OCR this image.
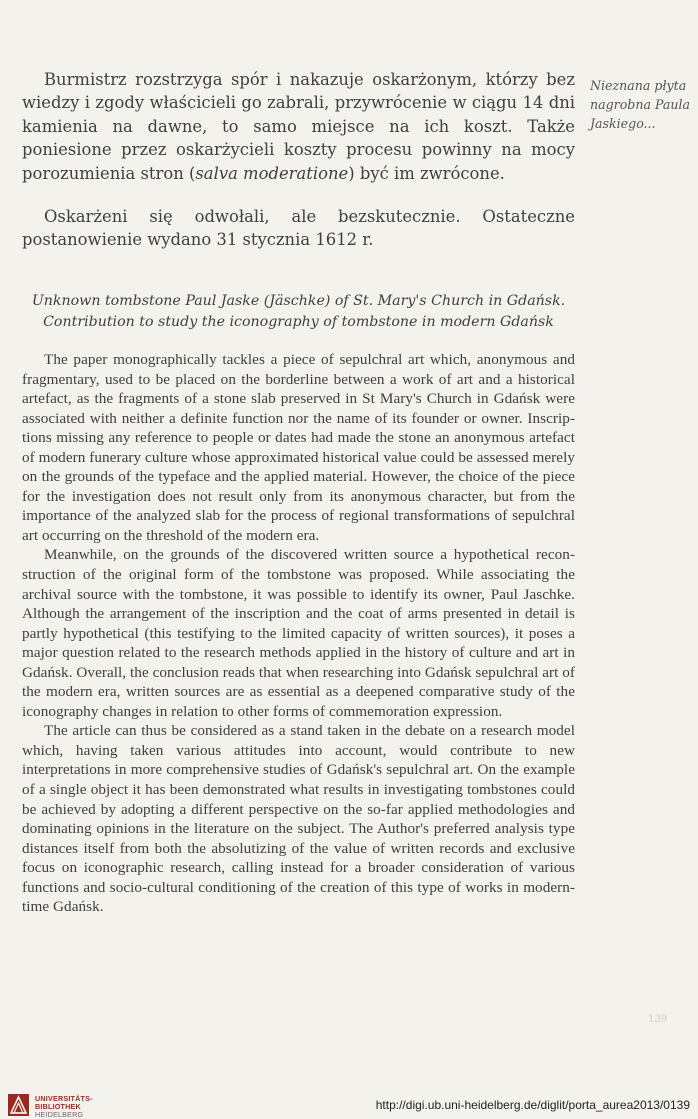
Burmistrz rozstrzyga spór i nakazuje oskarżonym, którzy bez wiedzy i zgody właścicieli go zabrali, przywrócenie w ciągu 14 dni kamienia na dawne, to samo miejsce na ich koszt. Także poniesione przez oskarżycieli koszty procesu powinny na mocy porozumienia stron (salva moderatione) być im zwrócone.

Oskarżeni się odwołali, ale bezskutecznie. Ostateczne postanowienie wydano 31 stycznia 1612 r.

Nieznana płyta
nagrobna Paula
Jaskiego...
Unknown tombstone Paul Jaske (Jäschke) of St. Mary's Church in Gdańsk.
Contribution to study the iconography of tombstone in modern Gdańsk

The paper monographically tackles a piece of sepulchral art which, anonymous and fragmentary, used to be placed on the borderline between a work of art and a historical artefact, as the fragments of a stone slab preserved in St Mary's Church in Gdańsk were associated with neither a definite function nor the name of its founder or owner. Inscriptions missing any reference to people or dates had made the stone an anonymous artefact of modern funerary culture whose approximated historical value could be assessed merely on the grounds of the typeface and the applied material. However, the choice of the piece for the investigation does not result only from its anonymous character, but from the importance of the analyzed slab for the process of regional transformations of sepulchral art occurring on the threshold of the modern era.

Meanwhile, on the grounds of the discovered written source a hypothetical reconstruction of the original form of the tombstone was proposed. While associating the archival source with the tombstone, it was possible to identify its owner, Paul Jaschke. Although the arrangement of the inscription and the coat of arms presented in detail is partly hypothetical (this testifying to the limited capacity of written sources), it poses a major question related to the research methods applied in the history of culture and art in Gdańsk. Overall, the conclusion reads that when researching into Gdańsk sepulchral art of the modern era, written sources are as essential as a deepened comparative study of the iconography changes in relation to other forms of commemoration expression.

The article can thus be considered as a stand taken in the debate on a research model which, having taken various attitudes into account, would contribute to new interpretations in more comprehensive studies of Gdańsk's sepulchral art. On the example of a single object it has been demonstrated what results in investigating tombstones could be achieved by adopting a different perspective on the so-far applied methodologies and dominating opinions in the literature on the subject. The Author's preferred analysis type distances itself from both the absolutizing of the value of written records and exclusive focus on iconographic research, calling instead for a broader consideration of various functions and socio-cultural conditioning of the creation of this type of works in modern-time Gdańsk.

139
UNIVERSITÄTS-
BIBLIOTHEK
HEIDELBERG
http://digi.ub.uni-heidelberg.de/diglit/porta_aurea2013/0139
